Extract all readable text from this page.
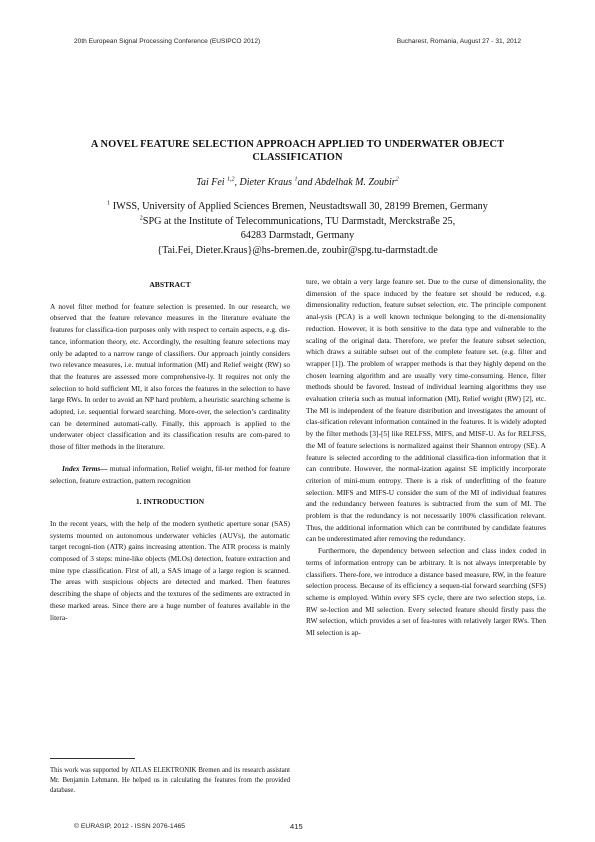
20th European Signal Processing Conference (EUSIPCO 2012)	Bucharest, Romania, August 27 - 31, 2012
A NOVEL FEATURE SELECTION APPROACH APPLIED TO UNDERWATER OBJECT
CLASSIFICATION
Tai Fei $^{1,2}$, Dieter Kraus $^1$and Abdelhak M. Zoubir$^2$
$^1$ IWSS, University of Applied Sciences Bremen, Neustadtswall 30, 28199 Bremen, Germany
$^2$SPG at the Institute of Telecommunications, TU Darmstadt, Merckstraße 25,
64283 Darmstadt, Germany
{Tai.Fei, Dieter.Kraus}@hs-bremen.de, zoubir@spg.tu-darmstadt.de
ABSTRACT
A novel filter method for feature selection is presented. In our research, we observed that the feature relevance measures in the literature evaluate the features for classifica-tion purposes only with respect to certain aspects, e.g. dis-tance, information theory, etc. Accordingly, the resulting feature selections may only be adapted to a narrow range of classifiers. Our approach jointly considers two relevance measures, i.e. mutual information (MI) and Relief weight (RW) so that the features are assessed more comprehensive-ly. It requires not only the selection to hold sufficient MI, it also forces the features in the selection to have large RWs. In order to avoid an NP hard problem, a heuristic searching scheme is adopted, i.e. sequential forward searching. More-over, the selection’s cardinality can be determined automati-cally. Finally, this approach is applied to the underwater object classification and its classification results are com-pared to those of filter methods in the literature.
Index Terms— mutual information, Relief weight, fil-ter method for feature selection, feature extraction, pattern recognition
1. INTRODUCTION
In the recent years, with the help of the modern synthetic aperture sonar (SAS) systems mounted on autonomous underwater vehicles (AUVs), the automatic target recogni-tion (ATR) gains increasing attention. The ATR process is mainly composed of 3 steps: mine-like objects (MLOs) detection, feature extraction and mine type classification. First of all, a SAS image of a large region is scanned. The areas with suspicious objects are detected and marked. Then features describing the shape of objects and the textures of the sediments are extracted in these marked areas. Since there are a huge number of features available in the litera-
This work was supported by ATLAS ELEKTRONIK Bremen and its research assistant Mr. Benjamin Lehmann. He helped us in calculating the features from the provided database.
ture, we obtain a very large feature set. Due to the curse of dimensionality, the dimension of the space induced by the feature set should be reduced, e.g. dimensionality reduction, feature subset selection, etc. The principle component anal-ysis (PCA) is a well known technique belonging to the di-mensionality reduction. However, it is both sensitive to the data type and vulnerable to the scaling of the original data. Therefore, we prefer the feature subset selection, which draws a suitable subset out of the complete feature set. (e.g. filter and wrapper [1]). The problem of wrapper methods is that they highly depend on the chosen learning algorithm and are usually very time-consuming. Hence, filter methods should be favored. Instead of individual learning algorithms they use evaluation criteria such as mutual information (MI), Relief weight (RW) [2], etc. The MI is independent of the feature distribution and investigates the amount of clas-sification relevant information contained in the features. It is widely adopted by the filter methods [3]-[5] like RELFSS, MIFS, and MISF-U. As for RELFSS, the MI of feature selections is normalized against their Shannon entropy (SE). A feature is selected according to the additional classifica-tion information that it can contribute. However, the normal-ization against SE implicitly incorporate criterion of mini-mum entropy. There is a risk of underfitting of the feature selection. MIFS and MIFS-U consider the sum of the MI of individual features and the redundancy between features is subtracted from the sum of MI. The problem is that the redundancy is not necessarily 100% classification relevant. Thus, the additional information which can be contributed by candidate features can be underestimated after removing the redundancy.
Furthermore, the dependency between selection and class index coded in terms of information entropy can be arbitrary. It is not always interpretable by classifiers. There-fore, we introduce a distance based measure, RW, in the feature selection process. Because of its efficiency a sequen-tial forward searching (SFS) scheme is employed. Within every SFS cycle, there are two selection steps, i.e. RW se-lection and MI selection. Every selected feature should firstly pass the RW selection, which provides a set of fea-tures with relatively larger RWs. Then MI selection is ap-
© EURASIP, 2012 - ISSN 2076-1465	415
